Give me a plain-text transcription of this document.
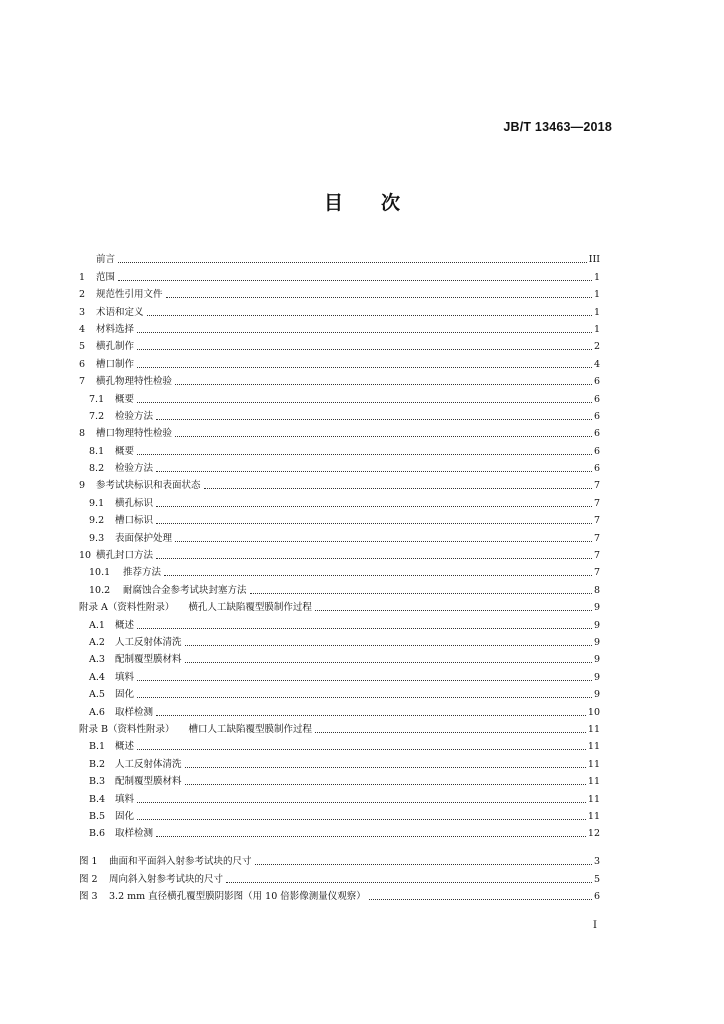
JB/T 13463—2018
目次
前言	III
1	范围	1
2	规范性引用文件	1
3	术语和定义	1
4	材料选择	1
5	横孔制作	2
6	槽口制作	4
7	横孔物理特性检验	6
7.1	概要	6
7.2	检验方法	6
8	槽口物理特性检验	6
8.1	概要	6
8.2	检验方法	6
9	参考试块标识和表面状态	7
9.1	横孔标识	7
9.2	槽口标识	7
9.3	表面保护处理	7
10 横孔封口方法	7
10.1	推荐方法	7
10.2	耐腐蚀合金参考试块封塞方法	8
附录 A（资料性附录） 横孔人工缺陷覆型膜制作过程	9
A.1	概述	9
A.2	人工反射体清洗	9
A.3	配制覆型膜材料	9
A.4	填料	9
A.5	固化	9
A.6	取样检测	10
附录 B（资料性附录） 槽口人工缺陷覆型膜制作过程	11
B.1	概述	11
B.2	人工反射体清洗	11
B.3	配制覆型膜材料	11
B.4	填料	11
B.5	固化	11
B.6	取样检测	12
图 1	曲面和平面斜入射参考试块的尺寸	3
图 2	周向斜入射参考试块的尺寸	5
图 3	3.2 mm 直径横孔覆型膜阴影图（用 10 倍影像测量仪观察）	6
I
